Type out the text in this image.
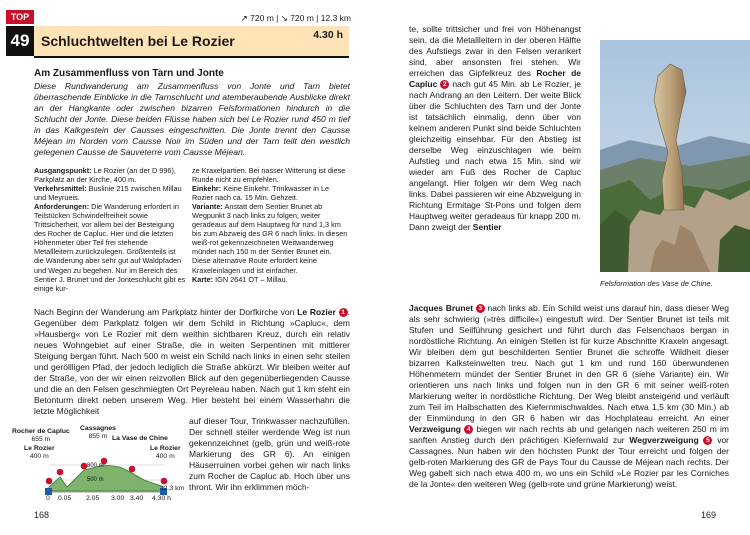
TOP
49
↗ 720 m | ↘ 720 m | 12.3 km
Schluchtwelten bei Le Rozier	4.30 h
Am Zusammenfluss von Tarn und Jonte
Diese Rundwanderung am Zusammenfluss von Jonte und Tarn bietet überraschende Einblicke in die Tarnschlucht und atemberaubende Ausblicke direkt an der Hangkante oder zwischen bizarren Felsformationen hindurch in die Schlucht der Jonte. Diese beiden Flüsse haben sich bei Le Rozier rund 450 m tief in das Kalkgestein der Causses eingeschnitten. Die Jonte trennt den Causse Méjean im Norden vom Causse Noir im Süden und der Tarn teilt den westlich gelegenen Causse de Sauveterre vom Causse Méjean.

Ausgangspunkt: Le Rozier (an der D 996), Parkplatz an der Kirche, 400 m.

Verkehrsmittel: Buslinie 215 zwischen Millau und Meyrueis.

Anforderungen: Die Wanderung erfordert in Teilstücken Schwindelfreiheit sowie Trittsicherheit, vor allem bei der Besteigung des Rocher de Capluc. Hier und die letzten Höhenmeter über Teil frei stehende Metallleitern zurückzulegen. Größtenteils ist die Wanderung aber sehr gut auf Waldpfaden und Wegen zu begehen. Nur im Bereich des Sentier J. Brunet und der Jonteschlucht gibt es einige kur-

ze Kraxelpartien. Bei nasser Witterung ist diese Runde nicht zu empfehlen.

Einkehr: Keine Einkehr. Trinkwasser in Le Rozier nach ca. 15 Min. Gehzeit.

Variante: Anstatt dem Sentier Brunet ab Wegpunkt 3 nach links zu folgen, weiter geradeaus auf dem Hauptweg für rund 1,3 km bis zum Abzweig des GR 6 nach links. In diesen weiß-rot gekennzeichneten Weitwanderweg mündet nach 150 m der Sentier Brunet ein. Diese alternative Route erfordert keine Kraxeleinlagen und ist einfacher.

Karte: IGN 2641 OT – Millau.

Nach Beginn der Wanderung am Parkplatz hinter der Dorfkirche von Le Rozier 1 . Gegenüber dem Parkplatz folgen wir dem Schild in Richtung »Capluc«, dem »Hausberg« von Le Rozier mit dem weithin sichtbaren Kreuz, durch ein relativ neues Wohngebiet auf einer Straße, die in weiten Serpentinen mit mittlerer Steigung bergan führt. Nach 500 m weist ein Schild nach links in einen sehr steilen und geröllligen Pfad, der jedoch lediglich die Straße abkürzt. Wir bleiben weiter auf der Straße, von der wir einen reizvollen Blick auf den gegenüberliegenden Causse und die an den Felsen geschmiegten Ort Peyreleau haben. Nach gut 1 km steht ein Betonturm direkt neben unserem Weg. Hier besteht bei einem Wasserhahn die letzte Möglichkeit
auf dieser Tour, Trinkwasser nachzufüllen. Der schnell steiler werdende Weg ist nun gekennzeichnet (gelb, grün und weiß-rote Markierung des GR 6). An einigen Häuserruinen vorbei gehen wir nach links zum Rocher de Capluc ab. Hoch über uns thront. Wir ihn erklimmen möch-
Rocher de Capluc
655 m
Cassagnes
855 m La Vase de Chine
Le Rozier
400 m
Le Rozier
400 m
800 m
500 m
0 0.05 2.05 3.00 3.40 4.30 h
12.3 km
168
te, sollte trittsicher und frei von Höhenangst sein, da die Metallleitern in der oberen Hälfte des Aufstiegs zwar in den Felsen verankert sind, aber ansonsten frei stehen. Wir erreichen das Gipfelkreuz des Rocher de Capluc 2 nach gut 45 Min. ab Le Rozier, je nach Andrang an den Leitern. Der weite Blick über die Schluchten des Tarn und der Jonte ist tatsächlich einmalig, denn über von keinem anderen Punkt sind beide Schluchten gleichzeitig einsehbar. Für den Abstieg ist derselbe Weg einzuschlagen wie beim Aufstieg und nach etwa 15 Min. sind wir wieder am Fuß des Rocher de Capluc angelangt. Hier folgen wir dem Weg nach links. Dabei passieren wir eine Abzweigung in Richtung Ermitage St-Pons und folgen dem Hauptweg weiter geradeaus für knapp 200 m. Dann zweigt der Sentier
Felsformation des Vase de Chine.
Jacques Brunet 3 nach links ab. Ein Schild weist uns darauf hin, dass dieser Weg als sehr schwierig (»très difficile«) eingestuft wird. Der Sentier Brunet ist teils mit Stufen und Seilführung gesichert und führt durch das Felsenchaos bergan in nordöstliche Richtung. An einigen Stellen ist für kurze Abschnitte Kraxeln angesagt. Wir bleiben dem gut beschilderten Sentier Brunet die schroffe Wildheit dieser bizarren Kalksteinwelten treu. Nach gut 1 km und rund 160 überwundenen Höhenmetern mündet der Sentier Brunet in den GR 6 (siehe Variante) ein. Wir orientieren uns nach links und folgen nun in den GR 6 mit seiner weiß-roten Markierung weiter in nordöstliche Richtung. Der Weg bleibt ansteigend und verläuft zum Teil im Halbschatten des Kiefernmischwaldes. Nach etwa 1,5 km (30 Min.) ab der Einmündung in den GR 6 haben wir das Hochplateau erreicht. An einer Verzweigung 4 biegen wir nach rechts ab und gelangen nach weiteren 250 m im sanften Anstieg durch den prächtigen Kiefernwald zur Wegverzweigung 5 vor Cassagnes. Nun haben wir den höchsten Punkt der Tour erreicht und folgen der gelb-roten Markierung des GR de Pays Tour du Causse de Méjean nach rechts. Der Weg gabelt sich nach etwa 400 m, wo uns ein Schild »Le Rozier par les Corniches de la Jonte« den weiteren Weg (gelb-rote und grüne Markierung) weist.
169
